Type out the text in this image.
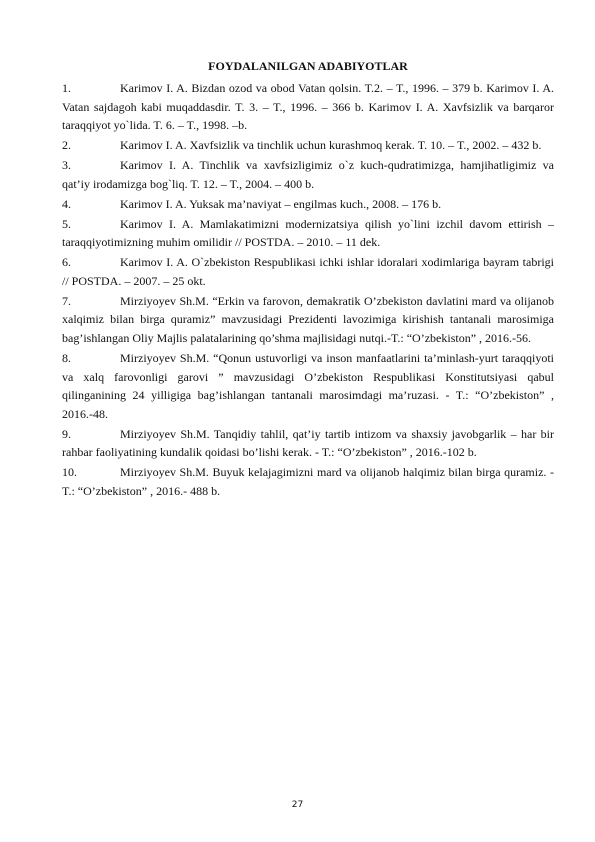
FOYDALANILGAN ADABIYOTLAR

1.	Karimov I. A. Bizdan ozod va obod Vatan qolsin. T.2. – T., 1996. – 379 b. Karimov I. A. Vatan sajdagoh kabi muqaddasdir. T. 3. – T., 1996. – 366 b. Karimov I. A. Xavfsizlik va barqaror taraqqiyot yo`lida. T. 6. – T., 1998. –b.

2.	Karimov I. A. Xavfsizlik va tinchlik uchun kurashmoq kerak. T. 10. – T., 2002. – 432 b.

3.	Karimov I. A. Tinchlik va xavfsizligimiz o`z kuch-qudratimizga, hamjihatligimiz va qat’iy irodamizga bog`liq. T. 12. – T., 2004. – 400 b.

4.	Karimov I. A. Yuksak ma’naviyat – engilmas kuch., 2008. – 176 b.

5.	Karimov I. A. Mamlakatimizni modernizatsiya qilish yo`lini izchil davom ettirish – taraqqiyotimizning muhim omilidir // POSTDA. – 2010. – 11 dek.

6.	Karimov I. A. O`zbekiston Respublikasi ichki ishlar idoralari xodimlariga bayram tabrigi // POSTDA. – 2007. – 25 okt.

7.	Mirziyoyev Sh.M. “Erkin va farovon, demakratik O’zbekiston davlatini mard va olijanob xalqimiz bilan birga quramiz” mavzusidagi Prezidenti lavozimiga kirishish tantanali marosimiga bag’ishlangan Oliy Majlis palatalarining qo’shma majlisidagi nutqi.-T.: “O’zbekiston” , 2016.-56.

8.	Mirziyoyev Sh.M. “Qonun ustuvorligi va inson manfaatlarini ta’minlash-yurt taraqqiyoti va xalq farovonligi garovi ” mavzusidagi O’zbekiston Respublikasi Konstitutsiyasi qabul qilinganining 24 yilligiga bag’ishlangan tantanali marosimdagi ma’ruzasi. - T.: “O’zbekiston” , 2016.-48.

9.	Mirziyoyev Sh.M. Tanqidiy tahlil, qat’iy tartib intizom va shaxsiy javobgarlik – har bir rahbar faoliyatining kundalik qoidasi bo’lishi kerak. - T.: “O’zbekiston” , 2016.-102 b.

10.	Mirziyoyev Sh.M. Buyuk kelajagimizni mard va olijanob halqimiz bilan birga quramiz. - T.: “O’zbekiston” , 2016.- 488 b.

27
